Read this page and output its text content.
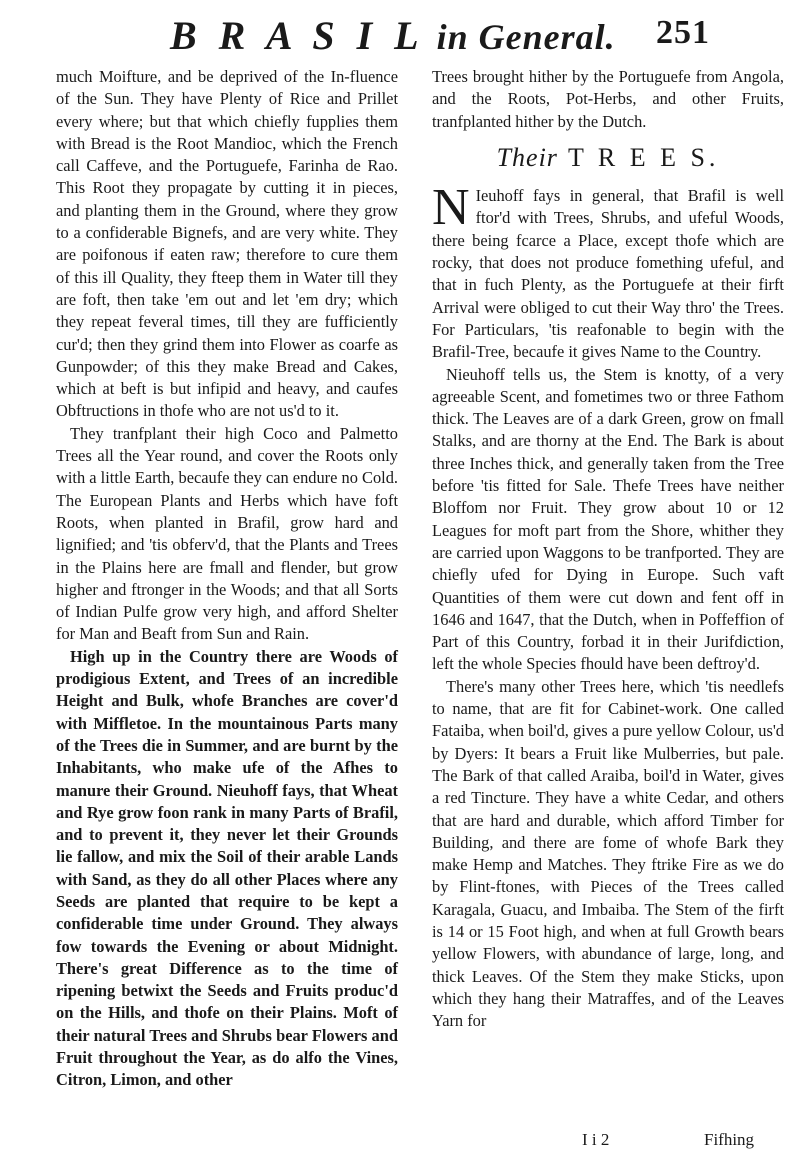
B R A S I L in General. 251

much Moifture, and be deprived of the In-fluence of the Sun. They have Plenty of Rice and Prillet every where; but that which chiefly fupplies them with Bread is the Root Mandioc, which the French call Caffeve, and the Portuguefe, Farinha de Rao. This Root they propagate by cutting it in pieces, and planting them in the Ground, where they grow to a confiderable Bignefs, and are very white. They are poifonous if eaten raw; therefore to cure them of this ill Quality, they fteep them in Water till they are foft, then take 'em out and let 'em dry; which they repeat feveral times, till they are fufficiently cur'd; then they grind them into Flower as coarfe as Gunpowder; of this they make Bread and Cakes, which at beft is but infipid and heavy, and caufes Obftructions in thofe who are not us'd to it.

They tranfplant their high Coco and Palmetto Trees all the Year round, and cover the Roots only with a little Earth, becaufe they can endure no Cold. The European Plants and Herbs which have foft Roots, when planted in Brafil, grow hard and lignified; and 'tis obferv'd, that the Plants and Trees in the Plains here are fmall and flender, but grow higher and ftronger in the Woods; and that all Sorts of Indian Pulfe grow very high, and afford Shelter for Man and Beaft from Sun and Rain.

High up in the Country there are Woods of prodigious Extent, and Trees of an incredible Height and Bulk, whofe Branches are cover'd with Miffletoe. In the mountainous Parts many of the Trees die in Summer, and are burnt by the Inhabitants, who make ufe of the Afhes to manure their Ground. Nieuhoff fays, that Wheat and Rye grow foon rank in many Parts of Brafil, and to prevent it, they never let their Grounds lie fallow, and mix the Soil of their arable Lands with Sand, as they do all other Places where any Seeds are planted that require to be kept a confiderable time under Ground. They always fow towards the Evening or about Midnight. There's great Difference as to the time of ripening betwixt the Seeds and Fruits produc'd on the Hills, and thofe on their Plains. Moft of their natural Trees and Shrubs bear Flowers and Fruit throughout the Year, as do alfo the Vines, Citron, Limon, and other

Trees brought hither by the Portuguefe from Angola, and the Roots, Pot-Herbs, and other Fruits, tranfplanted hither by the Dutch.

Their T R E E S.

N Ieuhoff fays in general, that Brafil is well ftor'd with Trees, Shrubs, and ufeful Woods, there being fcarce a Place, except thofe which are rocky, that does not produce fomething ufeful, and that in fuch Plenty, as the Portuguefe at their firft Arrival were obliged to cut their Way thro' the Trees. For Particulars, 'tis reafonable to begin with the Brafil-Tree, becaufe it gives Name to the Country.

Nieuhoff tells us, the Stem is knotty, of a very agreeable Scent, and fometimes two or three Fathom thick. The Leaves are of a dark Green, grow on fmall Stalks, and are thorny at the End. The Bark is about three Inches thick, and generally taken from the Tree before 'tis fitted for Sale. Thefe Trees have neither Bloffom nor Fruit. They grow about 10 or 12 Leagues for moft part from the Shore, whither they are carried upon Waggons to be tranfported. They are chiefly ufed for Dying in Europe. Such vaft Quantities of them were cut down and fent off in 1646 and 1647, that the Dutch, when in Poffeffion of Part of this Country, forbad it in their Jurifdiction, left the whole Species fhould have been deftroy'd.

There's many other Trees here, which 'tis needlefs to name, that are fit for Cabinet-work. One called Fataiba, when boil'd, gives a pure yellow Colour, us'd by Dyers: It bears a Fruit like Mulberries, but pale. The Bark of that called Araiba, boil'd in Water, gives a red Tincture. They have a white Cedar, and others that are hard and durable, which afford Timber for Building, and there are fome of whofe Bark they make Hemp and Matches. They ftrike Fire as we do by Flint-ftones, with Pieces of the Trees called Karagala, Guacu, and Imbaiba. The Stem of the firft is 14 or 15 Foot high, and when at full Growth bears yellow Flowers, with abundance of large, long, and thick Leaves. Of the Stem they make Sticks, upon which they hang their Matraffes, and of the Leaves Yarn for

I i 2	Fifhing
